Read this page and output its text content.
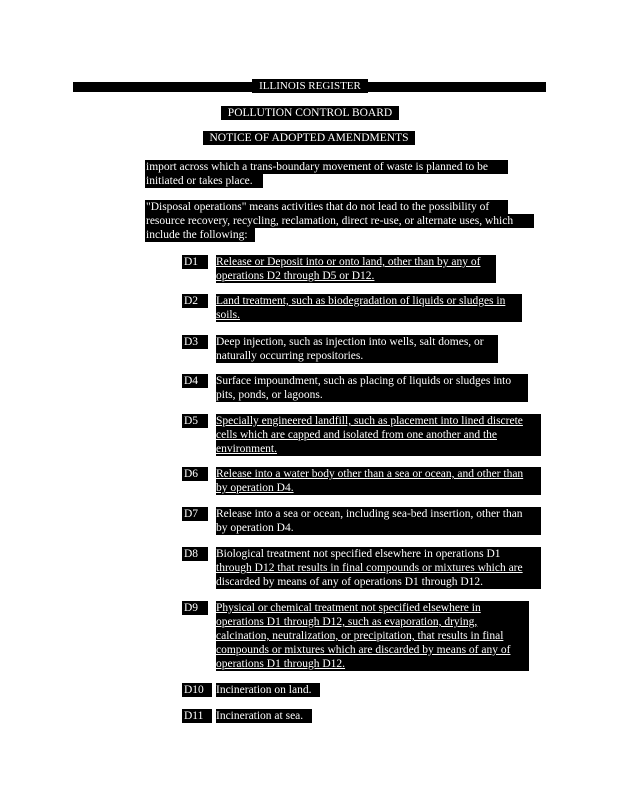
ILLINOIS REGISTER
POLLUTION CONTROL BOARD
NOTICE OF ADOPTED AMENDMENTS
import across which a trans-boundary movement of waste is planned to be
initiated or takes place.
"Disposal operations" means activities that do not lead to the possibility of
resource recovery, recycling, reclamation, direct re-use, or alternate uses, which
include the following:
D1	Release or Deposit into or onto land, other than by any of
operations D2 through D5 or D12.
D2	Land treatment, such as biodegradation of liquids or sludges in
soils.
D3	Deep injection, such as injection into wells, salt domes, or
naturally occurring repositories.
D4	Surface impoundment, such as placing of liquids or sludges into
pits, ponds, or lagoons.
D5	Specially engineered landfill, such as placement into lined discrete
cells which are capped and isolated from one another and the
environment.
D6	Release into a water body other than a sea or ocean, and other than
by operation D4.
D7	Release into a sea or ocean, including sea-bed insertion, other than
by operation D4.
D8	Biological treatment not specified elsewhere in operations D1
through D12 that results in final compounds or mixtures which are
discarded by means of any of operations D1 through D12.
D9	Physical or chemical treatment not specified elsewhere in
operations D1 through D12, such as evaporation, drying,
calcination, neutralization, or precipitation, that results in final
compounds or mixtures which are discarded by means of any of
operations D1 through D12.
D10	Incineration on land.
D11	Incineration at sea.
